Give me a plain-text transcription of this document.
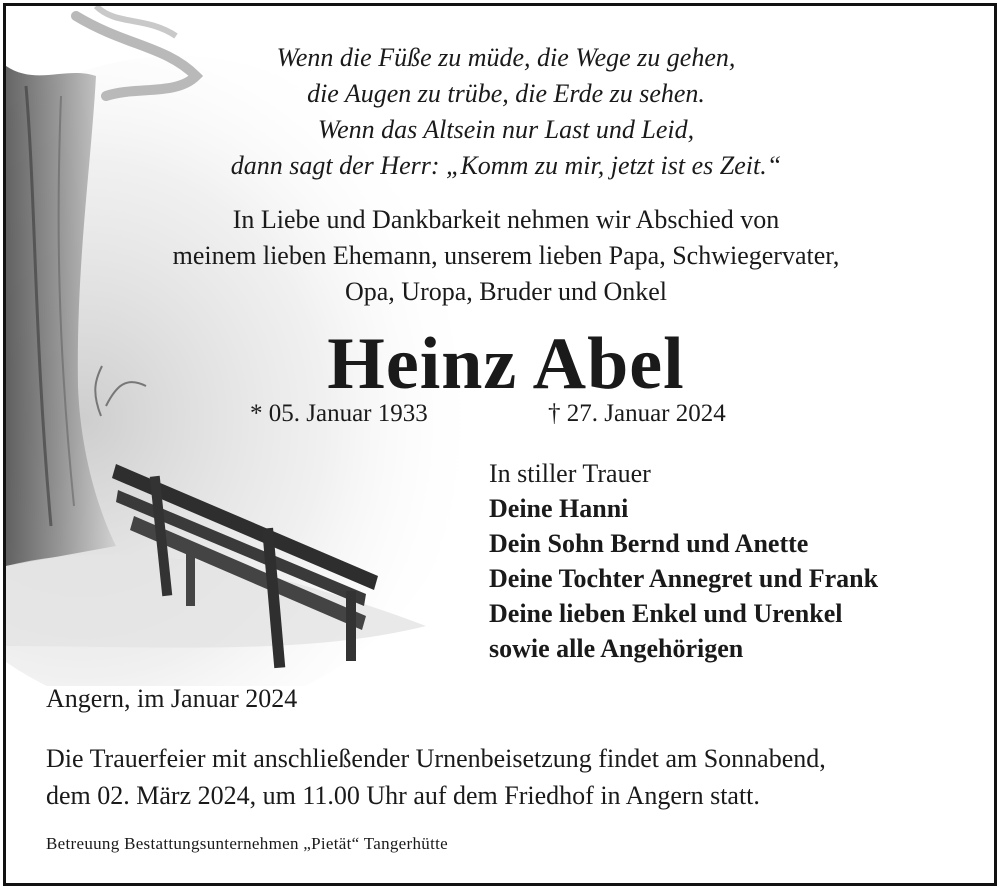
Wenn die Füße zu müde, die Wege zu gehen,
die Augen zu trübe, die Erde zu sehen.
Wenn das Altsein nur Last und Leid,
dann sagt der Herr: „Komm zu mir, jetzt ist es Zeit.“
In Liebe und Dankbarkeit nehmen wir Abschied von
meinem lieben Ehemann, unserem lieben Papa, Schwiegervater,
Opa, Uropa, Bruder und Onkel
Heinz Abel
* 05. Januar 1933	† 27. Januar 2024
In stiller Trauer
Deine Hanni
Dein Sohn Bernd und Anette
Deine Tochter Annegret und Frank
Deine lieben Enkel und Urenkel
sowie alle Angehörigen
Angern, im Januar 2024
Die Trauerfeier mit anschließender Urnenbeisetzung findet am Sonnabend,
dem 02. März 2024, um 11.00 Uhr auf dem Friedhof in Angern statt.
Betreuung Bestattungsunternehmen „Pietät“ Tangerhütte
